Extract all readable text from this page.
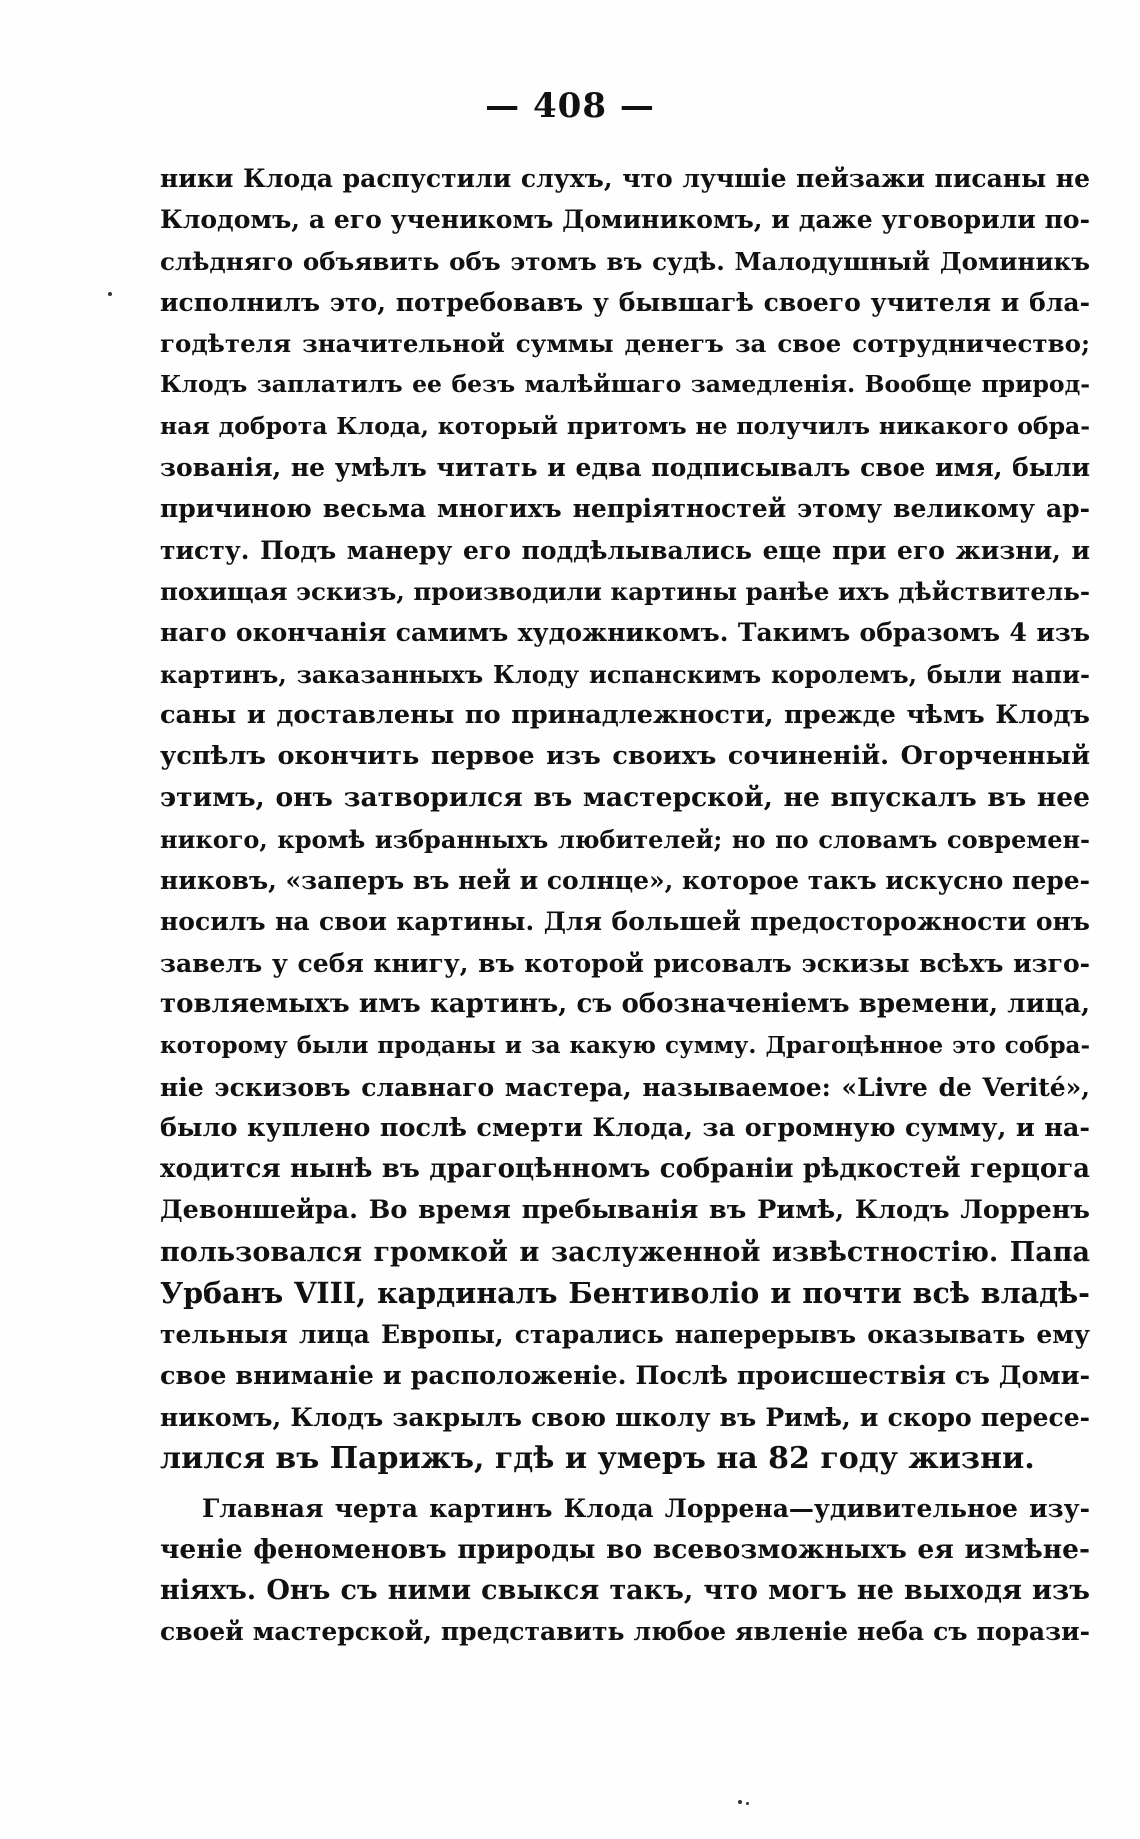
— 408 —
ники Клода распустили слухъ, что лучшіе пейзажи писаны не
Клодомъ, а его ученикомъ Доминикомъ, и даже уговорили по-
слѣдняго объявить объ этомъ въ судѣ. Малодушный Доминикъ
исполнилъ это, потребовавъ у бывшагѣ своего учителя и бла-
годѣтеля значительной суммы денегъ за свое сотрудничество;
Клодъ заплатилъ ее безъ малѣйшаго замедленія. Вообще природ-
ная доброта Клода, который притомъ не получилъ никакого обра-
зованія, не умѣлъ читать и едва подписывалъ свое имя, были
причиною весьма многихъ непріятностей этому великому ар-
тисту. Подъ манеру его поддѣлывались еще при его жизни, и
похищая эскизъ, производили картины ранѣе ихъ дѣйствитель-
наго окончанія самимъ художникомъ. Такимъ образомъ 4 изъ
картинъ, заказанныхъ Клоду испанскимъ королемъ, были напи-
саны и доставлены по принадлежности, прежде чѣмъ Клодъ
успѣлъ окончить первое изъ своихъ сочиненій. Огорченный
этимъ, онъ затворился въ мастерской, не впускалъ въ нее
никого, кромѣ избранныхъ любителей; но по словамъ современ-
никовъ, «заперъ въ ней и солнце», которое такъ искусно пере-
носилъ на свои картины. Для большей предосторожности онъ
завелъ у себя книгу, въ которой рисовалъ эскизы всѣхъ изго-
товляемыхъ имъ картинъ, съ обозначеніемъ времени, лица,
которому были проданы и за какую сумму. Драгоцѣнное это собра-
ніе эскизовъ славнаго мастера, называемое: «Livre de Verité»,
было куплено послѣ смерти Клода, за огромную сумму, и на-
ходится нынѣ въ драгоцѣнномъ собраніи рѣдкостей герцога
Девоншейра. Во время пребыванія въ Римѣ, Клодъ Лорренъ
пользовался громкой и заслуженной извѣстностію. Папа
Урбанъ VIII, кардиналъ Бентиволіо и почти всѣ владѣ-
тельныя лица Европы, старались наперерывъ оказывать ему
свое вниманіе и расположеніе. Послѣ происшествія съ Доми-
никомъ, Клодъ закрылъ свою школу въ Римѣ, и скоро пересе-
лился въ Парижъ, гдѣ и умеръ на 82 году жизни.
Главная черта картинъ Клода Лоррена—удивительное изу-
ченіе феноменовъ природы во всевозможныхъ ея измѣне-
ніяхъ. Онъ съ ними свыкся такъ, что могъ не выходя изъ
своей мастерской, представить любое явленіе неба съ порази-
